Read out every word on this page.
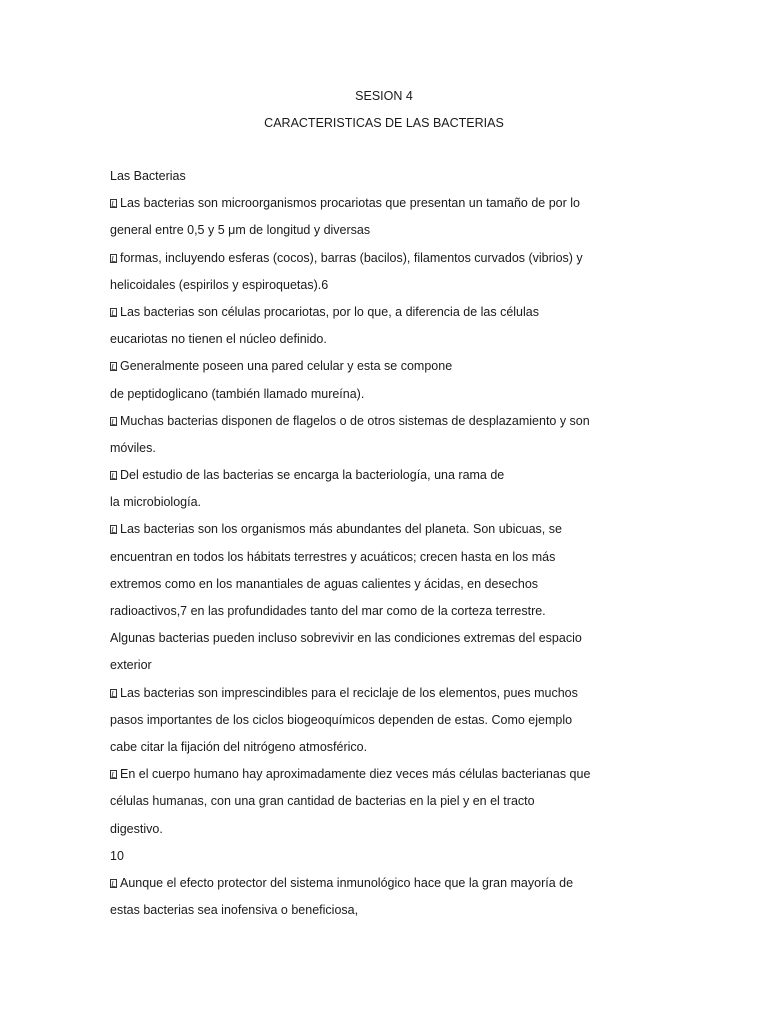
SESION 4
CARACTERISTICAS DE LAS BACTERIAS
Las Bacterias
Las bacterias son microorganismos procariotas que presentan un tamaño de por lo
general entre 0,5 y 5 μm de longitud y diversas
formas, incluyendo esferas (cocos), barras (bacilos), filamentos curvados (vibrios) y
helicoidales (espirilos y espiroquetas).6
Las bacterias son células procariotas, por lo que, a diferencia de las células
eucariotas no tienen el núcleo definido.
Generalmente poseen una pared celular y esta se compone
de peptidoglicano (también llamado mureína).
Muchas bacterias disponen de flagelos o de otros sistemas de desplazamiento y son
móviles.
Del estudio de las bacterias se encarga la bacteriología, una rama de
la microbiología.
Las bacterias son los organismos más abundantes del planeta. Son ubicuas, se
encuentran en todos los hábitats terrestres y acuáticos; crecen hasta en los más
extremos como en los manantiales de aguas calientes y ácidas, en desechos
radioactivos,7 en las profundidades tanto del mar como de la corteza terrestre.
Algunas bacterias pueden incluso sobrevivir en las condiciones extremas del espacio
exterior
Las bacterias son imprescindibles para el reciclaje de los elementos, pues muchos
pasos importantes de los ciclos biogeoquímicos dependen de estas. Como ejemplo
cabe citar la fijación del nitrógeno atmosférico.
En el cuerpo humano hay aproximadamente diez veces más células bacterianas que
células humanas, con una gran cantidad de bacterias en la piel y en el tracto
digestivo.
10
Aunque el efecto protector del sistema inmunológico hace que la gran mayoría de
estas bacterias sea inofensiva o beneficiosa,
